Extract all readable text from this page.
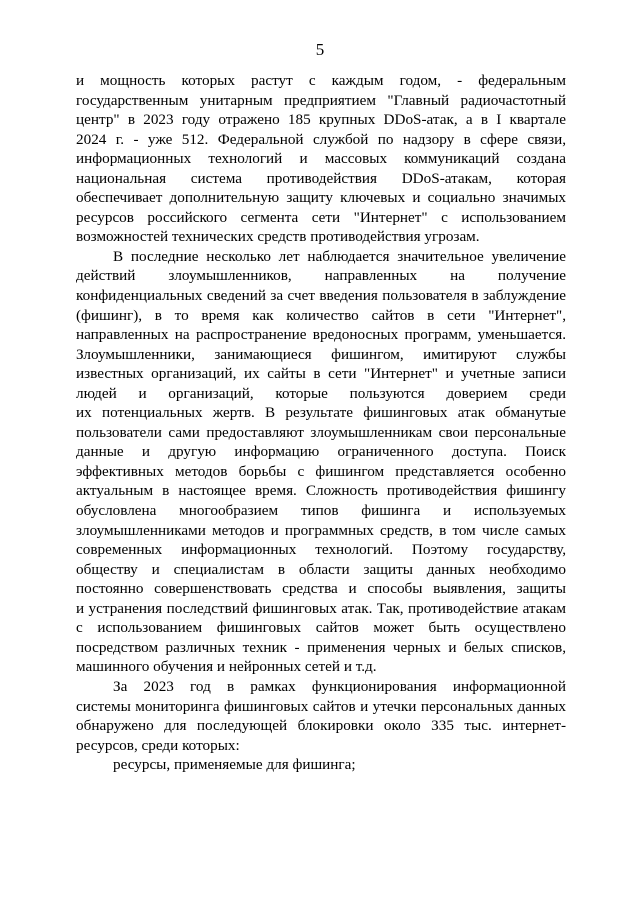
5
и мощность которых растут с каждым годом, - федеральным
государственным унитарным предприятием "Главный радиочастотный
центр" в 2023 году отражено 185 крупных DDoS-атак, а в I квартале
2024 г. - уже 512. Федеральной службой по надзору в сфере связи,
информационных технологий и массовых коммуникаций создана
национальная система противодействия DDoS-атакам, которая
обеспечивает дополнительную защиту ключевых и социально значимых
ресурсов российского сегмента сети "Интернет" с использованием
возможностей технических средств противодействия угрозам.
В последние несколько лет наблюдается значительное увеличение
действий злоумышленников, направленных на получение
конфиденциальных сведений за счет введения пользователя в заблуждение
(фишинг), в то время как количество сайтов в сети "Интернет",
направленных на распространение вредоносных программ, уменьшается.
Злоумышленники, занимающиеся фишингом, имитируют службы
известных организаций, их сайты в сети "Интернет" и учетные записи
людей и организаций, которые пользуются доверием среди
их потенциальных жертв. В результате фишинговых атак обманутые
пользователи сами предоставляют злоумышленникам свои персональные
данные и другую информацию ограниченного доступа. Поиск
эффективных методов борьбы с фишингом представляется особенно
актуальным в настоящее время. Сложность противодействия фишингу
обусловлена многообразием типов фишинга и используемых
злоумышленниками методов и программных средств, в том числе самых
современных информационных технологий. Поэтому государству,
обществу и специалистам в области защиты данных необходимо
постоянно совершенствовать средства и способы выявления, защиты
и устранения последствий фишинговых атак. Так, противодействие атакам
с использованием фишинговых сайтов может быть осуществлено
посредством различных техник - применения черных и белых списков,
машинного обучения и нейронных сетей и т.д.
За 2023 год в рамках функционирования информационной
системы мониторинга фишинговых сайтов и утечки персональных данных
обнаружено для последующей блокировки около 335 тыс. интернет-
ресурсов, среди которых:
ресурсы, применяемые для фишинга;
